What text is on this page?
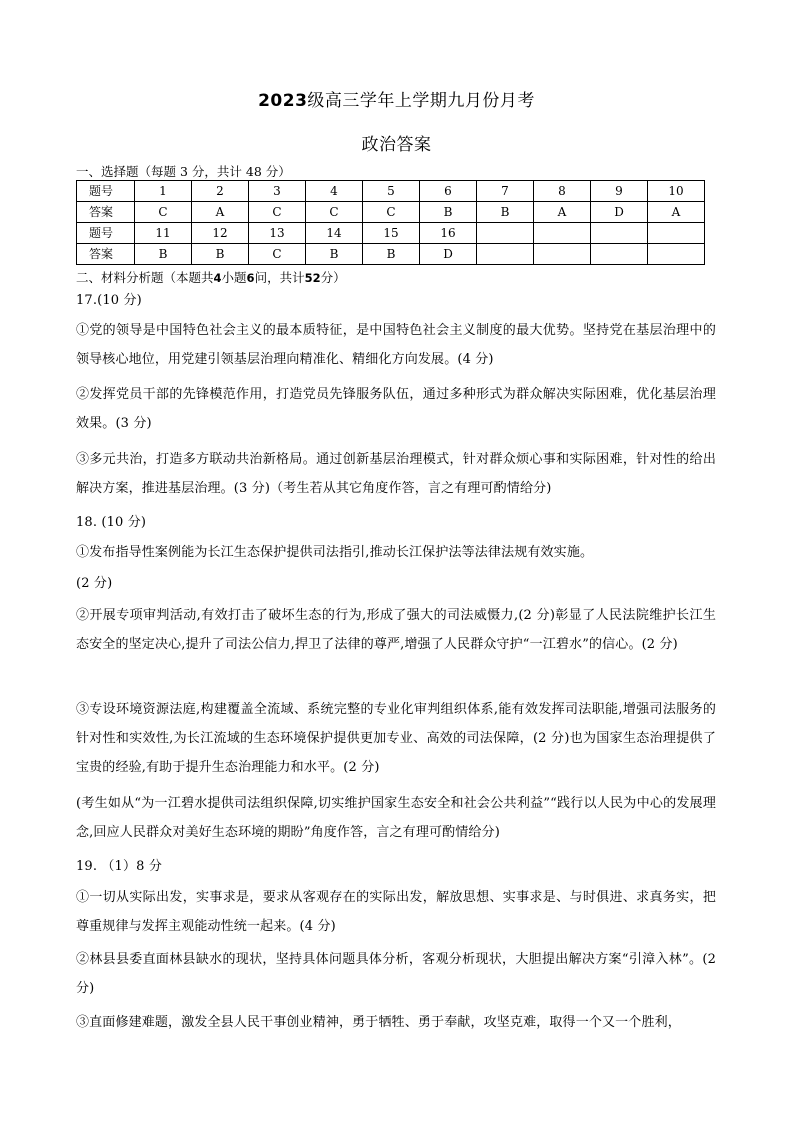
2023级高三学年上学期九月份月考
政治答案
一、选择题（每题 3 分，共计 48 分）
题号	1	2	3	4	5	6	7	8	9	10
答案	C	A	C	C	C	B	B	A	D	A
题号	11	12	13	14	15	16				
答案	B	B	C	B	B	D				
二、材料分析题（本题共4小题6问，共计52分）
17.(10 分)
①党的领导是中国特色社会主义的最本质特征，是中国特色社会主义制度的最大优势。坚持党在基层治理中的领导核心地位，用党建引领基层治理向精准化、精细化方向发展。(4 分)
②发挥党员干部的先锋模范作用，打造党员先锋服务队伍，通过多种形式为群众解决实际困难，优化基层治理效果。(3 分)
③多元共治，打造多方联动共治新格局。通过创新基层治理模式，针对群众烦心事和实际困难，针对性的给出解决方案，推进基层治理。(3 分)（考生若从其它角度作答，言之有理可酌情给分)
18. (10 分)
①发布指导性案例能为长江生态保护提供司法指引,推动长江保护法等法律法规有效实施。
(2 分)
②开展专项审判活动,有效打击了破坏生态的行为,形成了强大的司法威慑力,(2 分)彰显了人民法院维护长江生态安全的坚定决心,提升了司法公信力,捍卫了法律的尊严,增强了人民群众守护“一江碧水”的信心。(2 分)
③专设环境资源法庭,构建覆盖全流域、系统完整的专业化审判组织体系,能有效发挥司法职能,增强司法服务的针对性和实效性,为长江流域的生态环境保护提供更加专业、高效的司法保障，(2 分)也为国家生态治理提供了宝贵的经验,有助于提升生态治理能力和水平。(2 分)
(考生如从“为一江碧水提供司法组织保障,切实维护国家生态安全和社会公共利益”“践行以人民为中心的发展理念,回应人民群众对美好生态环境的期盼”角度作答，言之有理可酌情给分)
19. （1）8 分
①一切从实际出发，实事求是，要求从客观存在的实际出发，解放思想、实事求是、与时俱进、求真务实，把尊重规律与发挥主观能动性统一起来。(4 分)
②林县县委直面林县缺水的现状，坚持具体问题具体分析，客观分析现状，大胆提出解决方案“引漳入林”。(2 分)
③直面修建难题，激发全县人民干事创业精神，勇于牺牲、勇于奉献，攻坚克难，取得一个又一个胜利，
